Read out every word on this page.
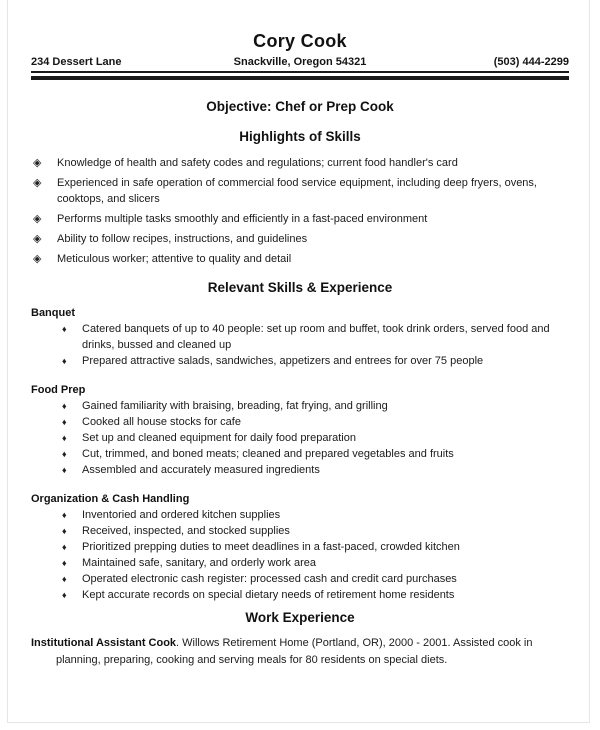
Cory Cook
234 Dessert Lane	Snackville, Oregon 54321	(503) 444-2299
Objective: Chef or Prep Cook
Highlights of Skills
◈	Knowledge of health and safety codes and regulations; current food handler's card
◈	Experienced in safe operation of commercial food service equipment, including deep fryers, ovens, cooktops, and slicers
◈	Performs multiple tasks smoothly and efficiently in a fast-paced environment
◈	Ability to follow recipes, instructions, and guidelines
◈	Meticulous worker; attentive to quality and detail
Relevant Skills & Experience
Banquet
♦	Catered banquets of up to 40 people: set up room and buffet, took drink orders, served food and drinks, bussed and cleaned up
♦	Prepared attractive salads, sandwiches, appetizers and entrees for over 75 people
Food Prep
♦	Gained familiarity with braising, breading, fat frying, and grilling
♦	Cooked all house stocks for cafe
♦	Set up and cleaned equipment for daily food preparation
♦	Cut, trimmed, and boned meats; cleaned and prepared vegetables and fruits
♦	Assembled and accurately measured ingredients
Organization & Cash Handling
♦	Inventoried and ordered kitchen supplies
♦	Received, inspected, and stocked supplies
♦	Prioritized prepping duties to meet deadlines in a fast-paced, crowded kitchen
♦	Maintained safe, sanitary, and orderly work area
♦	Operated electronic cash register: processed cash and credit card purchases
♦	Kept accurate records on special dietary needs of retirement home residents
Work Experience

Institutional Assistant Cook. Willows Retirement Home (Portland, OR), 2000 - 2001. Assisted cook in planning, preparing, cooking and serving meals for 80 residents on special diets.
